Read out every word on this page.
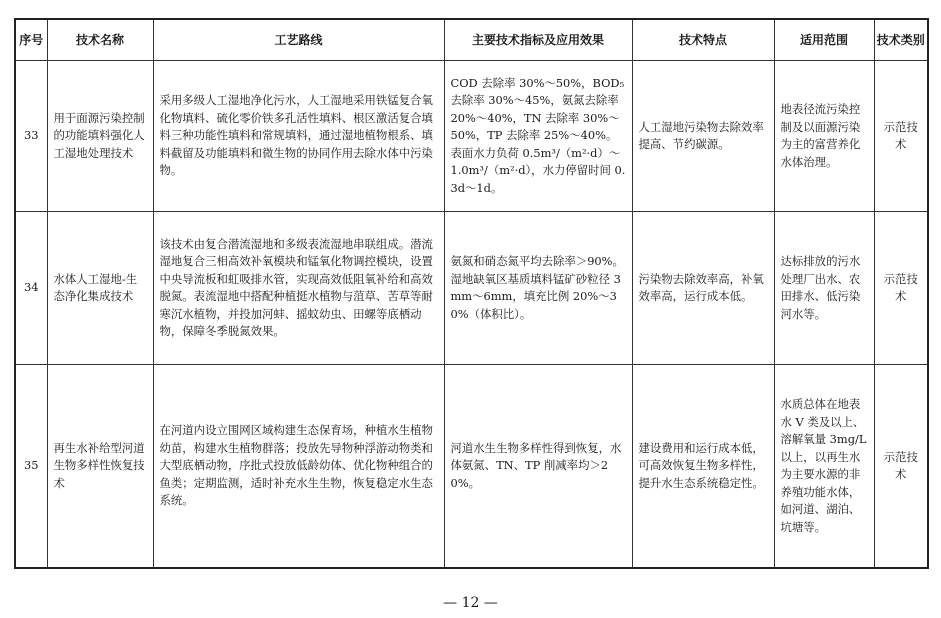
序号	技术名称	工艺路线	主要技术指标及应用效果	技术特点	适用范围	技术类别
33	用于面源污染控制的功能填料强化人工湿地处理技术	采用多级人工湿地净化污水，人工湿地采用铁锰复合氧化物填料、硫化零价铁多孔活性填料、根区激活复合填料三种功能性填料和常规填料，通过湿地植物根系、填料截留及功能填料和微生物的协同作用去除水体中污染物。	COD 去除率 30%～50%，BOD₅去除率 30%～45%，氨氮去除率 20%～40%，TN 去除率 30%～50%，TP 去除率 25%～40%。表面水力负荷 0.5m³/（m²·d）～1.0m³/（m²·d），水力停留时间 0.3d～1d。	人工湿地污染物去除效率提高、节约碳源。	地表径流污染控制及以面源污染为主的富营养化水体治理。	示范技术
34	水体人工湿地-生态净化集成技术	该技术由复合潜流湿地和多级表流湿地串联组成。潜流湿地复合三相高效补氧模块和锰氧化物调控模块，设置中央导流板和虹吸排水管，实现高效低阻氧补给和高效脱氮。表流湿地中搭配种植挺水植物与菹草、苦草等耐寒沉水植物，并投加河蚌、摇蚊幼虫、田螺等底栖动物，保障冬季脱氮效果。	氨氮和硝态氮平均去除率＞90%。湿地缺氧区基质填料锰矿砂粒径 3mm～6mm，填充比例 20%～30%（体积比）。	污染物去除效率高，补氧效率高，运行成本低。	达标排放的污水处理厂出水、农田排水、低污染河水等。	示范技术
35	再生水补给型河道生物多样性恢复技术	在河道内设立围网区域构建生态保育场，种植水生植物幼苗，构建水生植物群落；投放先导物种浮游动物类和大型底栖动物，序批式投放低龄幼体、优化物种组合的鱼类；定期监测，适时补充水生生物，恢复稳定水生态系统。	河道水生生物多样性得到恢复，水体氨氮、TN、TP 削减率均＞20%。	建设费用和运行成本低，可高效恢复生物多样性，提升水生态系统稳定性。	水质总体在地表水 V 类及以上、溶解氧量 3mg/L 以上，以再生水为主要水源的非养殖功能水体，如河道、湖泊、坑塘等。	示范技术
— 12 —
